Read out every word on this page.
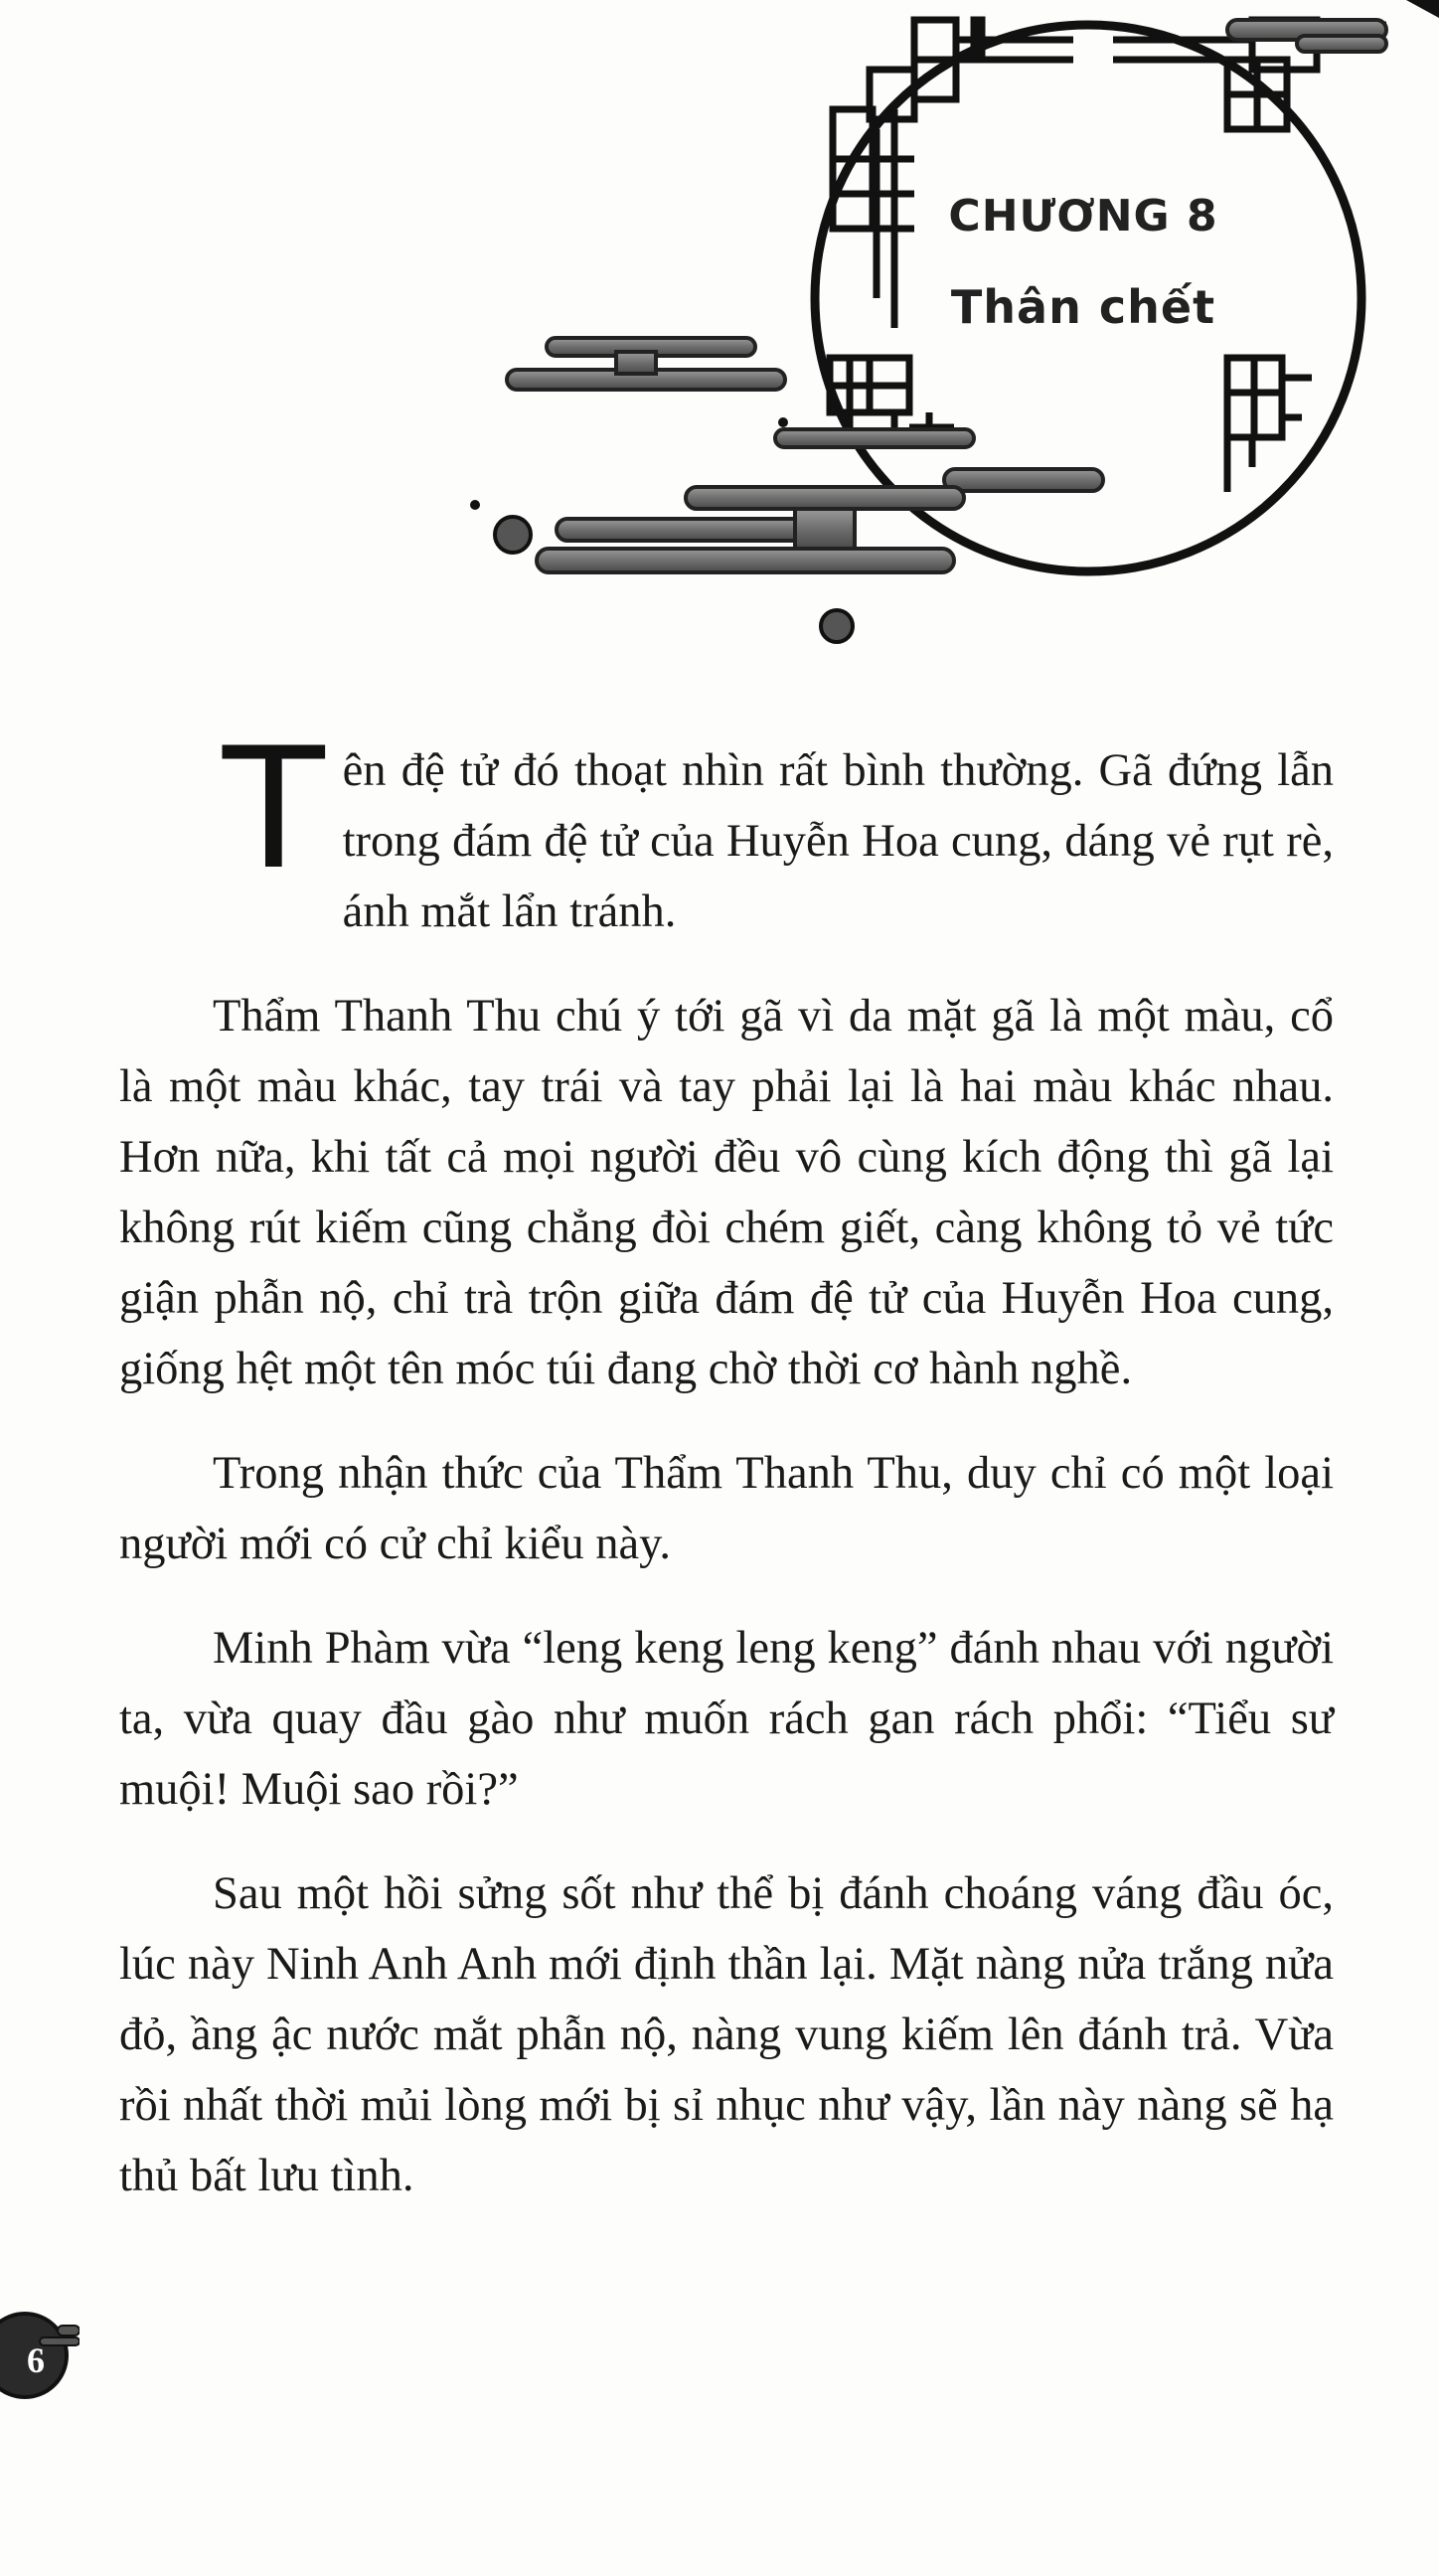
CHƯƠNG 8
Thân chết

Tên đệ tử đó thoạt nhìn rất bình thường. Gã đứng lẫn trong đám đệ tử của Huyễn Hoa cung, dáng vẻ rụt rè, ánh mắt lẩn tránh.

Thẩm Thanh Thu chú ý tới gã vì da mặt gã là một màu, cổ là một màu khác, tay trái và tay phải lại là hai màu khác nhau. Hơn nữa, khi tất cả mọi người đều vô cùng kích động thì gã lại không rút kiếm cũng chẳng đòi chém giết, càng không tỏ vẻ tức giận phẫn nộ, chỉ trà trộn giữa đám đệ tử của Huyễn Hoa cung, giống hệt một tên móc túi đang chờ thời cơ hành nghề.

Trong nhận thức của Thẩm Thanh Thu, duy chỉ có một loại người mới có cử chỉ kiểu này.

Minh Phàm vừa “leng keng leng keng” đánh nhau với người ta, vừa quay đầu gào như muốn rách gan rách phổi: “Tiểu sư muội! Muội sao rồi?”

Sau một hồi sửng sốt như thể bị đánh choáng váng đầu óc, lúc này Ninh Anh Anh mới định thần lại. Mặt nàng nửa trắng nửa đỏ, ầng ậc nước mắt phẫn nộ, nàng vung kiếm lên đánh trả. Vừa rồi nhất thời mủi lòng mới bị sỉ nhục như vậy, lần này nàng sẽ hạ thủ bất lưu tình.

6
